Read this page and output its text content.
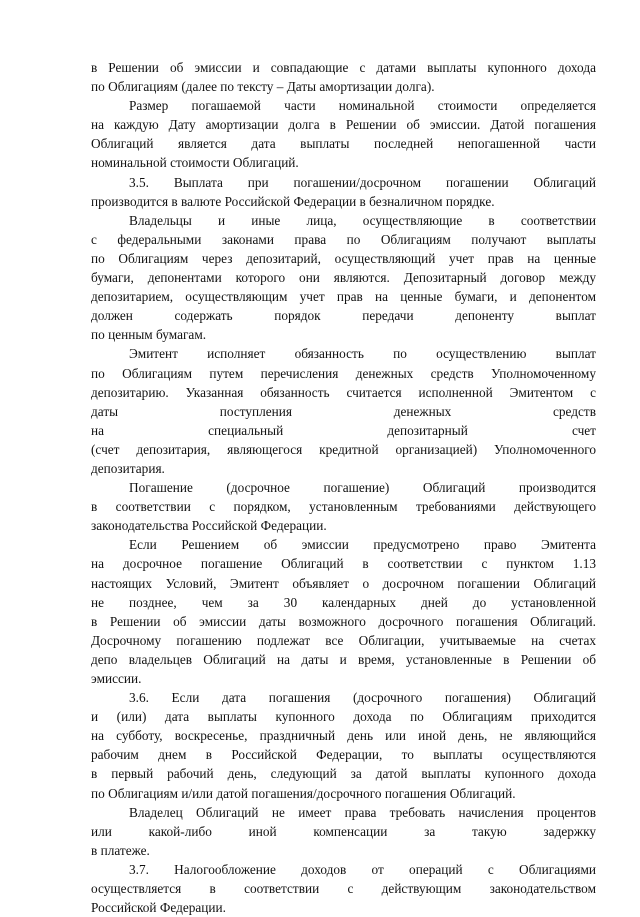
в Решении об эмиссии и совпадающие с датами выплаты купонного дохода
по Облигациям (далее по тексту – Даты амортизации долга).
Размер погашаемой части номинальной стоимости определяется
на каждую Дату амортизации долга в Решении об эмиссии. Датой погашения
Облигаций является дата выплаты последней непогашенной части
номинальной стоимости Облигаций.
3.5. Выплата при погашении/досрочном погашении Облигаций
производится в валюте Российской Федерации в безналичном порядке.
Владельцы и иные лица, осуществляющие в соответствии
с федеральными законами права по Облигациям получают выплаты
по Облигациям через депозитарий, осуществляющий учет прав на ценные
бумаги, депонентами которого они являются. Депозитарный договор между
депозитарием, осуществляющим учет прав на ценные бумаги, и депонентом
должен содержать порядок передачи депоненту выплат
по ценным бумагам.
Эмитент исполняет обязанность по осуществлению выплат
по Облигациям путем перечисления денежных средств Уполномоченному
депозитарию. Указанная обязанность считается исполненной Эмитентом с
даты поступления денежных средств
на специальный депозитарный счет
(счет депозитария, являющегося кредитной организацией) Уполномоченного
депозитария.
Погашение (досрочное погашение) Облигаций производится
в соответствии с порядком, установленным требованиями действующего
законодательства Российской Федерации.
Если Решением об эмиссии предусмотрено право Эмитента
на досрочное погашение Облигаций в соответствии с пунктом 1.13
настоящих Условий, Эмитент объявляет о досрочном погашении Облигаций
не позднее, чем за 30 календарных дней до установленной
в Решении об эмиссии даты возможного досрочного погашения Облигаций.
Досрочному погашению подлежат все Облигации, учитываемые на счетах
депо владельцев Облигаций на даты и время, установленные в Решении об
эмиссии.
3.6. Если дата погашения (досрочного погашения) Облигаций
и (или) дата выплаты купонного дохода по Облигациям приходится
на субботу, воскресенье, праздничный день или иной день, не являющийся
рабочим днем в Российской Федерации, то выплаты осуществляются
в первый рабочий день, следующий за датой выплаты купонного дохода
по Облигациям и/или датой погашения/досрочного погашения Облигаций.
Владелец Облигаций не имеет права требовать начисления процентов
или какой-либо иной компенсации за такую задержку
в платеже.
3.7. Налогообложение доходов от операций с Облигациями
осуществляется в соответствии с действующим законодательством
Российской Федерации.
